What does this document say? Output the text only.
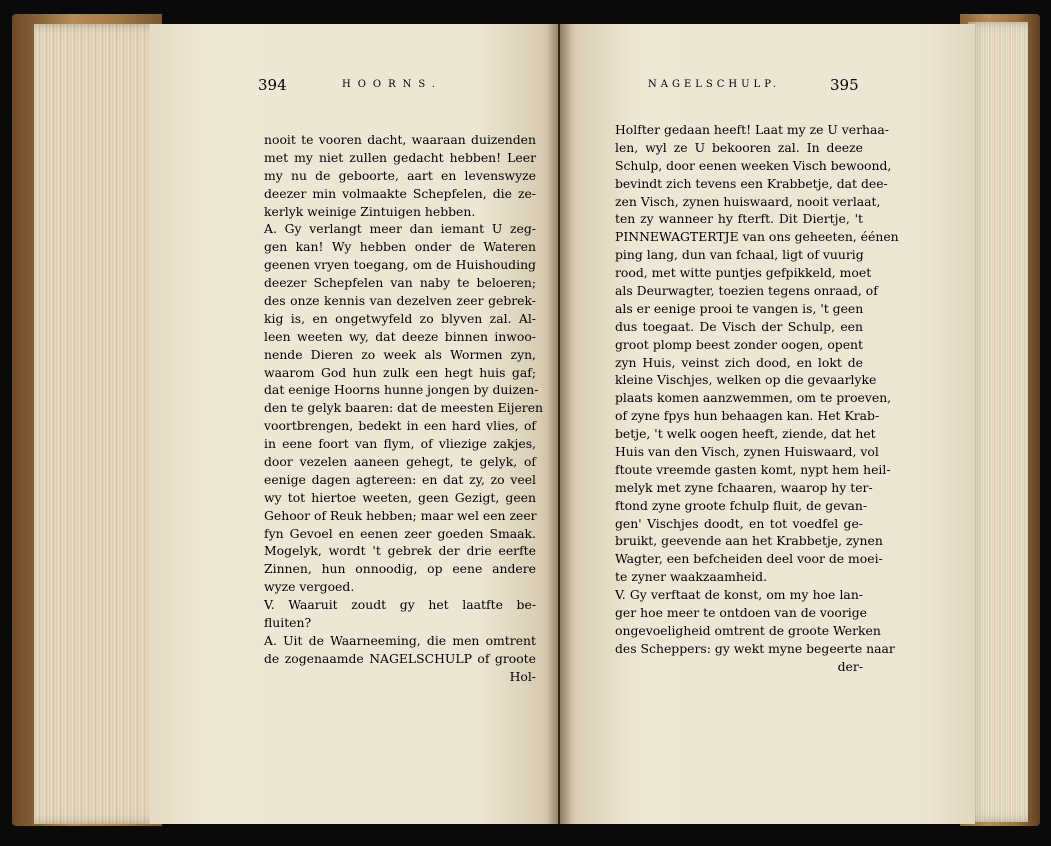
394	HOORNS.	NAGELSCHULP.	395
nooit te vooren dacht, waaraan duizenden
met my niet zullen gedacht hebben! Leer
my nu de geboorte, aart en levenswyze
deezer min volmaakte Schepfelen, die ze-
kerlyk weinige Zintuigen hebben.
A. Gy verlangt meer dan iemant U zeg-
gen kan! Wy hebben onder de Wateren
geenen vryen toegang, om de Huishouding
deezer Schepfelen van naby te beloeren;
des onze kennis van dezelven zeer gebrek-
kig is, en ongetwyfeld zo blyven zal. Al-
leen weeten wy, dat deeze binnen inwoo-
nende Dieren zo week als Wormen zyn,
waarom God hun zulk een hegt huis gaf;
dat eenige Hoorns hunne jongen by duizen-
den te gelyk baaren: dat de meesten Eijeren
voortbrengen, bedekt in een hard vlies, of
in eene foort van flym, of vliezige zakjes,
door vezelen aaneen gehegt, te gelyk, of
eenige dagen agtereen: en dat zy, zo veel
wy tot hiertoe weeten, geen Gezigt, geen
Gehoor of Reuk hebben; maar wel een zeer
fyn Gevoel en eenen zeer goeden Smaak.
Mogelyk, wordt 't gebrek der drie eerfte
Zinnen, hun onnoodig, op eene andere
wyze vergoed.
V. Waaruit zoudt gy het laatfte be-
fluiten?
A. Uit de Waarneeming, die men omtrent
de zogenaamde NAGELSCHULP of groote
Hol-
Holfter gedaan heeft! Laat my ze U verhaa-
len, wyl ze U bekooren zal. In deeze
Schulp, door eenen weeken Visch bewoond,
bevindt zich tevens een Krabbetje, dat dee-
zen Visch, zynen huiswaard, nooit verlaat,
ten zy wanneer hy fterft. Dit Diertje, 't
PINNEWAGTERTJE van ons geheeten, éénen
ping lang, dun van fchaal, ligt of vuurig
rood, met witte puntjes gefpikkeld, moet
als Deurwagter, toezien tegens onraad, of
als er eenige prooi te vangen is, 't geen
dus toegaat. De Visch der Schulp, een
groot plomp beest zonder oogen, opent
zyn Huis, veinst zich dood, en lokt de
kleine Vischjes, welken op die gevaarlyke
plaats komen aanzwemmen, om te proeven,
of zyne fpys hun behaagen kan. Het Krab-
betje, 't welk oogen heeft, ziende, dat het
Huis van den Visch, zynen Huiswaard, vol
ftoute vreemde gasten komt, nypt hem heil-
melyk met zyne fchaaren, waarop hy ter-
ftond zyne groote fchulp fluit, de gevan-
gen' Vischjes doodt, en tot voedfel ge-
bruikt, geevende aan het Krabbetje, zynen
Wagter, een befcheiden deel voor de moei-
te zyner waakzaamheid.
V. Gy verftaat de konst, om my hoe lan-
ger hoe meer te ontdoen van de voorige
ongevoeligheid omtrent de groote Werken
des Scheppers: gy wekt myne begeerte naar
der-
